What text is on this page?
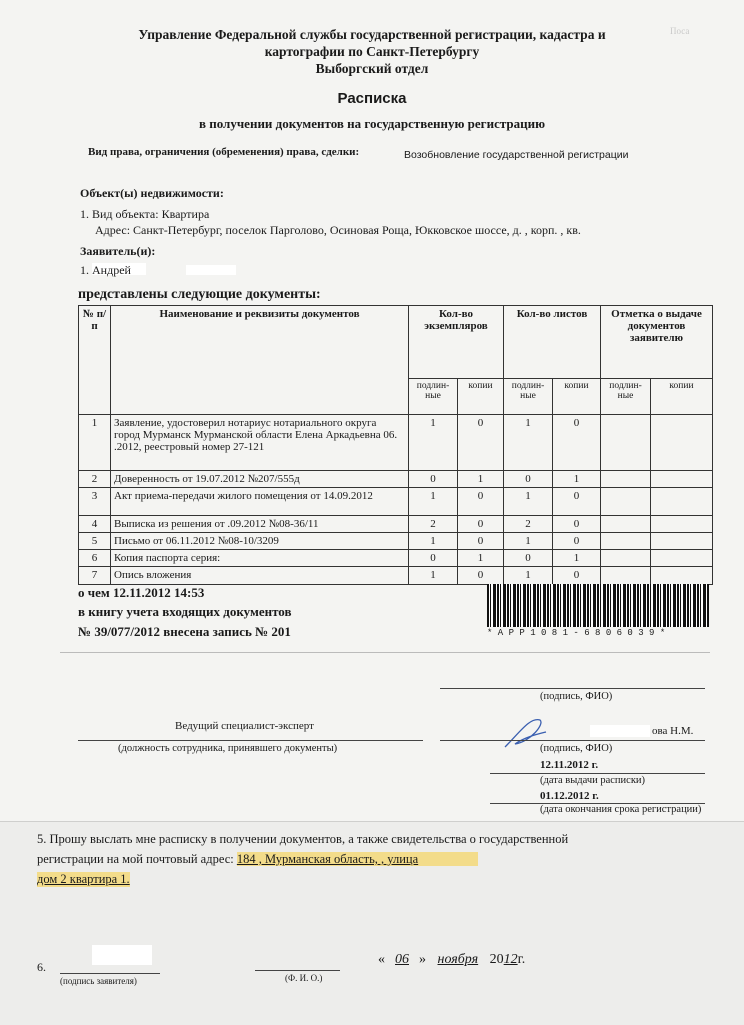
Управление Федеральной службы государственной регистрации, кадастра и
картографии по Санкт-Петербургу
Выборгский отдел
Поса
Расписка
в получении документов на государственную регистрацию
Вид права, ограничения (обременения) права, сделки:	Возобновление государственной регистрации
Объект(ы) недвижимости:
1. Вид объекта: Квартира
Адрес: Санкт-Петербург, поселок Парголово, Осиновая Роща, Юкковское шоссе, д. , корп. , кв.
Заявитель(и):
1. Андрей
представлены следующие документы:
№ п/п	Наименование и реквизиты документов	Кол-во экземпляров		Кол-во листов		Отметка о выдаче документов заявителю	
		подлин-ные	копии	подлин-ные	копии	подлин-ные	копии
1	Заявление, удостоверил нотариус нотариального округа город Мурманск Мурманской области Елена Аркадьевна 06. .2012, реестровый номер 27-121	1	0	1	0		
2	Доверенность от 19.07.2012 №207/555д	0	1	0	1		
3	Акт приема-передачи жилого помещения от 14.09.2012	1	0	1	0		
4	Выписка из решения от .09.2012 №08-36/11	2	0	2	0		
5	Письмо от 06.11.2012 №08-10/3209	1	0	1	0		
6	Копия паспорта серия:	0	1	0	1		
7	Опись вложения	1	0	1	0		
о чем 12.11.2012 14:53
в книгу учета входящих документов
№ 39/077/2012 внесена запись № 201	* A P P 1 0 8 1 - 6 8 0 6 0 3 9 *
(подпись, ФИО)
Ведущий специалист-эксперт
(должность сотрудника, принявшего документы)
ова Н.М.
(подпись, ФИО)
12.11.2012 г.
(дата выдачи расписки)
01.12.2012 г.
(дата окончания срока регистрации)
5. Прошу выслать мне расписку в получении документов, а также свидетельства о государственной
регистрации на мой почтовый адрес: 184 , Мурманская область, , улица
дом 2 квартира 1.
6.
(подпись заявителя)	(Ф. И. О.)
« 06 » ноября 2012г.
